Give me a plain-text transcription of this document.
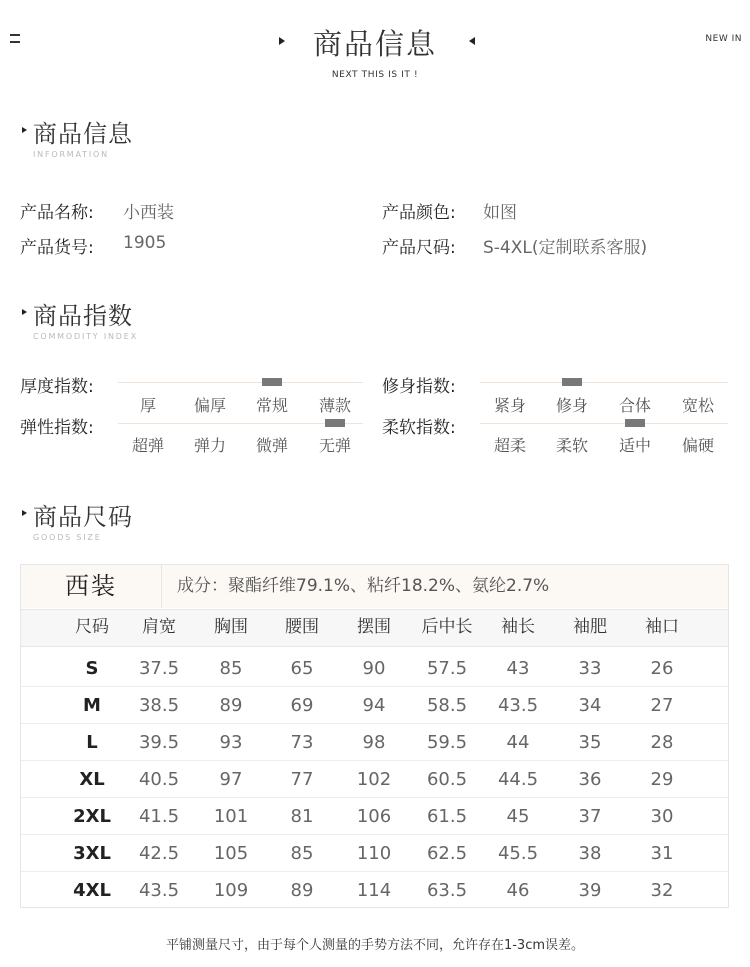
NEW IN
商品信息
NEXT THIS IS IT !
商品信息
INFORMATION
产品名称: 小西装	产品颜色: 如图
产品货号: 1905	产品尺码: S-4XL(定制联系客服)
商品指数
COMMODITY INDEX
厚度指数:
厚	偏厚	常规	薄款
弹性指数:
超弹	弹力	微弹	无弹
修身指数:
紧身	修身	合体	宽松
柔软指数:
超柔	柔软	适中	偏硬
商品尺码
GOODS SIZE
西装	成分：聚酯纤维79.1%、粘纤18.2%、氨纶2.7%
尺码	肩宽	胸围	腰围	摆围	后中长	袖长	袖肥	袖口
S	37.5	85	65	90	57.5	43	33	26
M	38.5	89	69	94	58.5	43.5	34	27
L	39.5	93	73	98	59.5	44	35	28
XL	40.5	97	77	102	60.5	44.5	36	29
2XL	41.5	101	81	106	61.5	45	37	30
3XL	42.5	105	85	110	62.5	45.5	38	31
4XL	43.5	109	89	114	63.5	46	39	32
平铺测量尺寸，由于每个人测量的手势方法不同，允许存在1-3cm误差。
